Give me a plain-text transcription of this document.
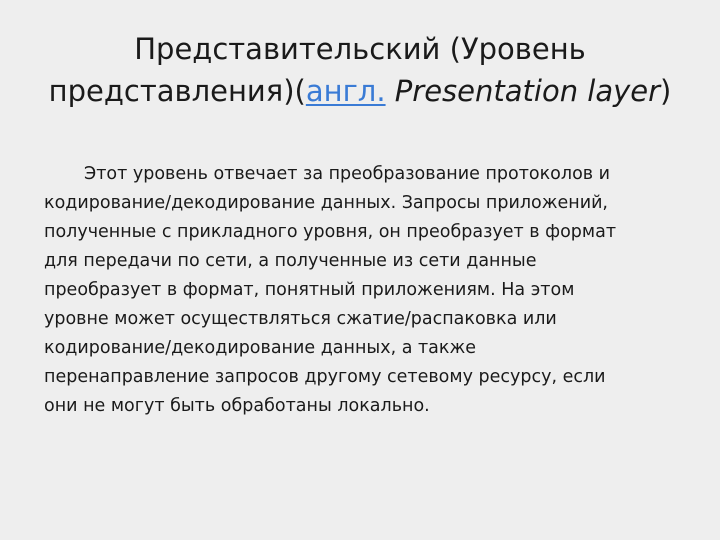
Представительский (Уровень
представления)(англ. Presentation layer)
Этот уровень отвечает за преобразование протоколов и
кодирование/декодирование данных. Запросы приложений,
полученные с прикладного уровня, он преобразует в формат
для передачи по сети, а полученные из сети данные
преобразует в формат, понятный приложениям. На этом
уровне может осуществляться сжатие/распаковка или
кодирование/декодирование данных, а также
перенаправление запросов другому сетевому ресурсу, если
они не могут быть обработаны локально.
